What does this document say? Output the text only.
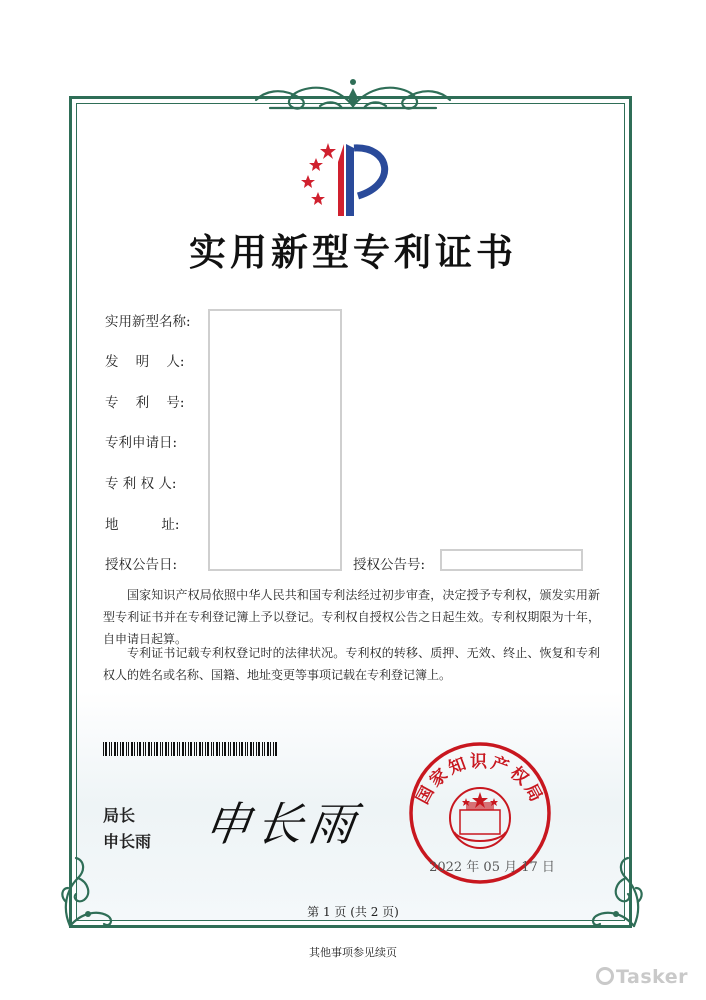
实用新型专利证书
实用新型名称:
发    明    人:
专    利    号:
专利申请日:
专 利 权 人:
地          址:
授权公告日:	授权公告号:
国家知识产权局依照中华人民共和国专利法经过初步审查，决定授予专利权，颁发实用新型专利证书并在专利登记簿上予以登记。专利权自授权公告之日起生效。专利权期限为十年，自申请日起算。
专利证书记载专利权登记时的法律状况。专利权的转移、质押、无效、终止、恢复和专利权人的姓名或名称、国籍、地址变更等事项记载在专利登记簿上。
局长
申长雨 申长雨
国家知识产权局
2022 年 05 月 17 日
第 1 页 (共 2 页)
其他事项参见续页
Tasker
